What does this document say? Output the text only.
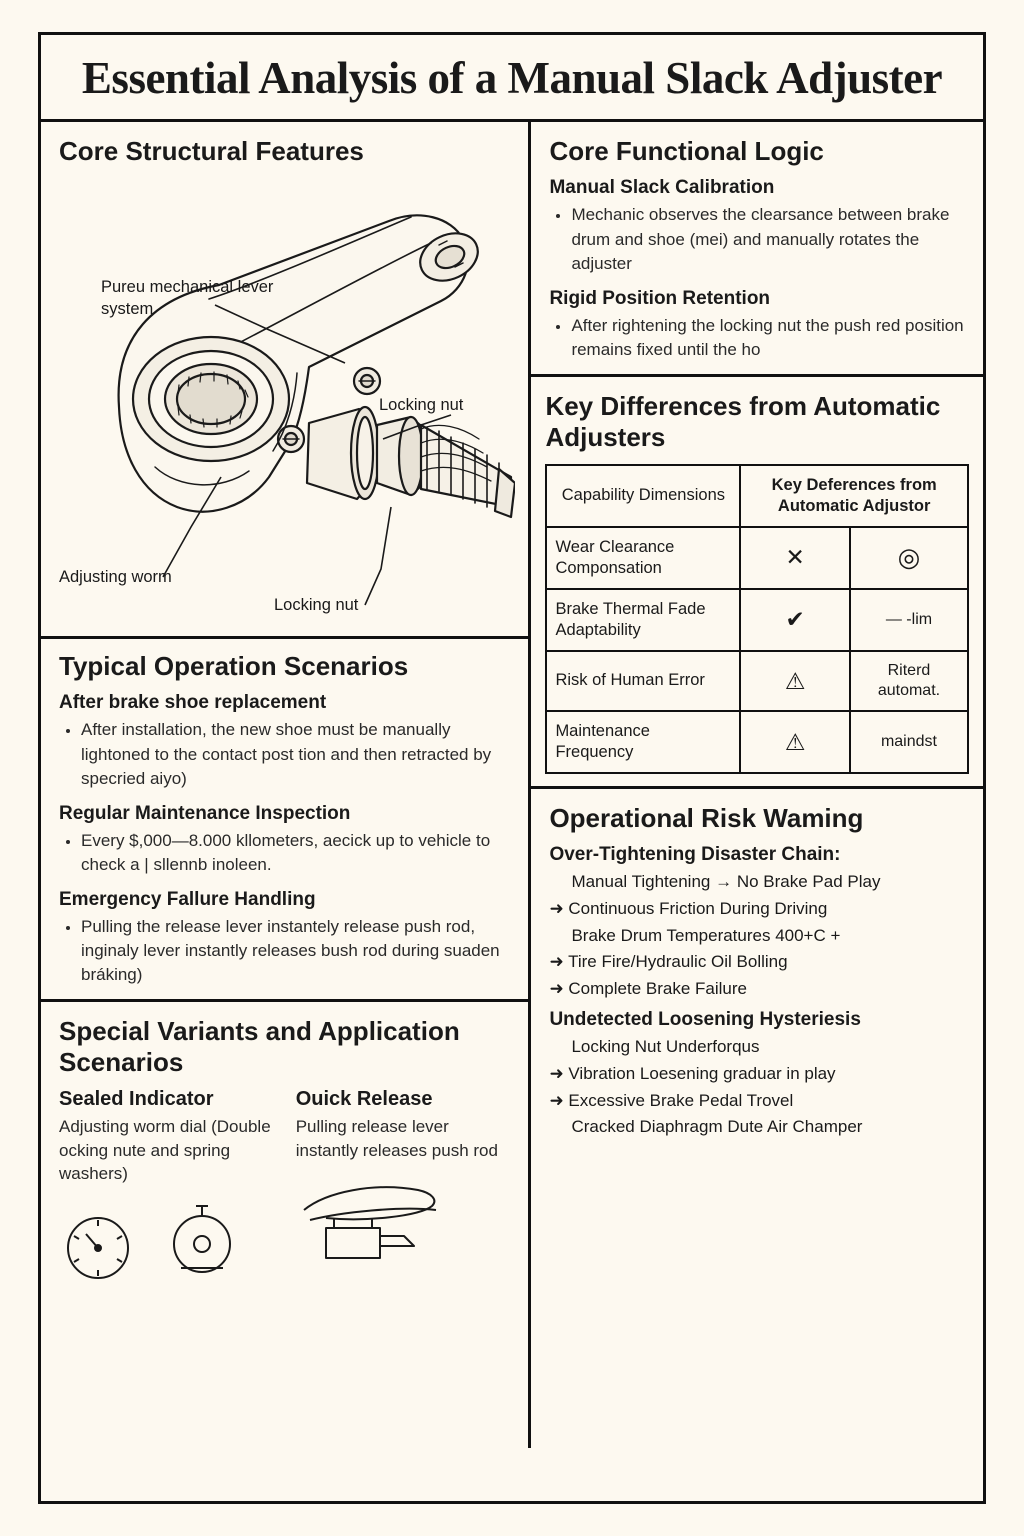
Essential Analysis of a Manual Slack Adjuster
Core Structural Features
Pureu mechanical lever system
Locking nut
Adjusting worm
Locking nut
Typical Operation Scenarios
After brake shoe replacement
• After installation, the new shoe must be manually lightoned to the contact post tion and then retracted by specried aiyo)
Regular Maintenance Inspection
• Every $,000—8.000 kllometers, aecick up to vehicle to check a | sllennb inoleen.
Emergency Fallure Handling
• Pulling the release lever instantely release push rod, inginaly lever instantly releases bush rod during suaden bráking)
Special Variants and Application Scenarios
Sealed Indicator

Adjusting worm dial (Double ocking nute and spring washers)

Ouick Release

Pulling release lever instantly releases push rod

Core Functional Logic
Manual Slack Calibration
• Mechanic observes the clearsance between brake drum and shoe (mei) and manually rotates the adjuster
Rigid Position Retention
• After rightening the locking nut the push red position remains fixed until the ho
Key Differences from Automatic Adjusters
Capability Dimensions	Key Deferences from Automatic Adjustor	
Wear Clearance Componsation	✕	◎
Brake Thermal Fade Adaptability	✔	— -lim
Risk of Human Error	⚠	Riterd automat.
Maintenance Frequency	⚠	maindst
Operational Risk Waming
Over-Tightening Disaster Chain:
Manual Tightening → No Brake Pad Play
➜ Continuous Friction During Driving
Brake Drum Temperatures 400+C +
➜ Tire Fire/Hydraulic Oil Bolling
➜ Complete Brake Failure
Undetected Loosening Hysteriesis
Locking Nut Underforqus
➜ Vibration Loesening graduar in play
➜ Excessive Brake Pedal Trovel
Cracked Diaphragm Dute Air Champer
